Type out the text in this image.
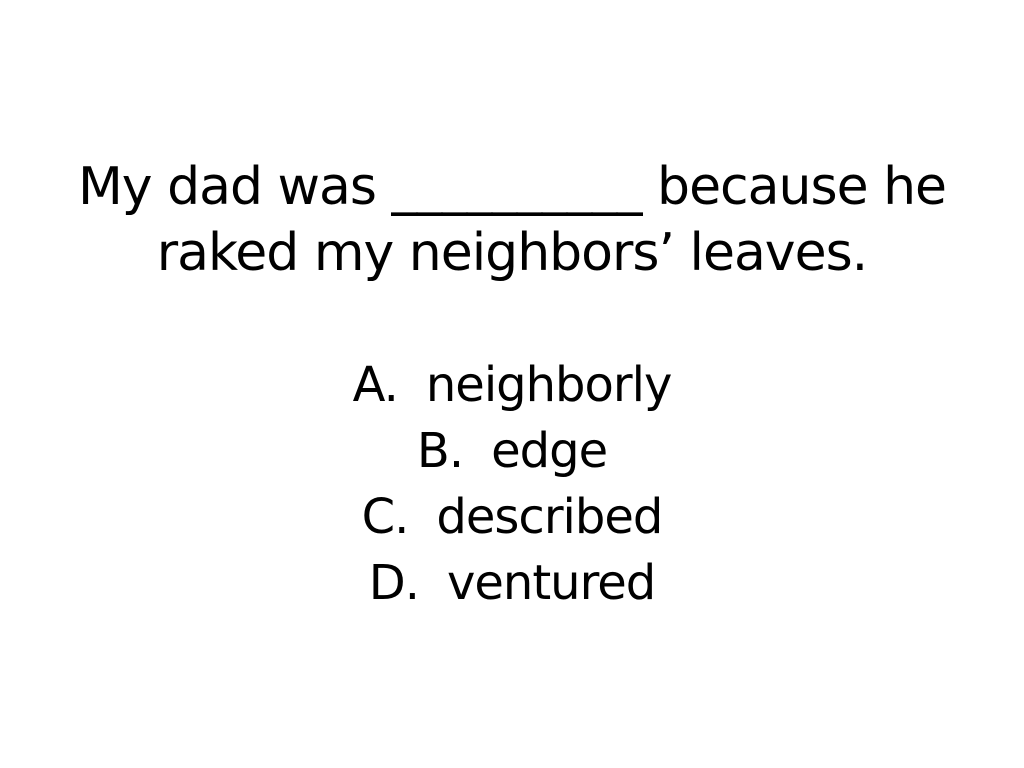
My dad was __________ because he
raked my neighbors’ leaves.
A. neighborly
B. edge
C. described
D. ventured
